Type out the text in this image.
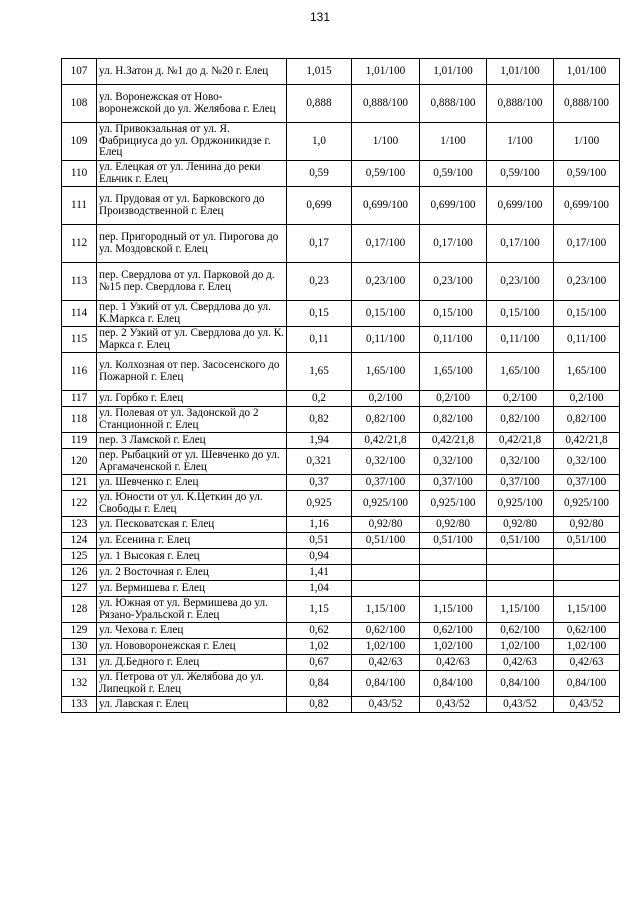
131
107	ул. Н.Затон д. №1 до д. №20 г. Елец	1,015	1,01/100	1,01/100	1,01/100	1,01/100
108	ул. Воронежская от Ново-воронежской до ул. Желябова г. Елец	0,888	0,888/100	0,888/100	0,888/100	0,888/100
109	ул. Привокзальная от ул. Я. Фабрициуса до ул. Орджоникидзе г. Елец	1,0	1/100	1/100	1/100	1/100
110	ул. Елецкая от ул. Ленина до реки Ельчик г. Елец	0,59	0,59/100	0,59/100	0,59/100	0,59/100
111	ул. Прудовая от ул. Барковского до Производственной г. Елец	0,699	0,699/100	0,699/100	0,699/100	0,699/100
112	пер. Пригородный от ул. Пирогова до ул. Моздовской г. Елец	0,17	0,17/100	0,17/100	0,17/100	0,17/100
113	пер. Свердлова от ул. Парковой до д. №15 пер. Свердлова г. Елец	0,23	0,23/100	0,23/100	0,23/100	0,23/100
114	пер. 1 Узкий от ул. Свердлова до ул. К.Маркса г. Елец	0,15	0,15/100	0,15/100	0,15/100	0,15/100
115	пер. 2 Узкий от ул. Свердлова до ул. К. Маркса г. Елец	0,11	0,11/100	0,11/100	0,11/100	0,11/100
116	ул. Колхозная от пер. Засосенского до Пожарной г. Елец	1,65	1,65/100	1,65/100	1,65/100	1,65/100
117	ул. Горбко г. Елец	0,2	0,2/100	0,2/100	0,2/100	0,2/100
118	ул. Полевая от ул. Задонской до 2 Станционной г. Елец	0,82	0,82/100	0,82/100	0,82/100	0,82/100
119	пер. 3 Ламской г. Елец	1,94	0,42/21,8	0,42/21,8	0,42/21,8	0,42/21,8
120	пер. Рыбацкий от ул. Шевченко до ул. Аргамаченской г. Елец	0,321	0,32/100	0,32/100	0,32/100	0,32/100
121	ул. Шевченко г. Елец	0,37	0,37/100	0,37/100	0,37/100	0,37/100
122	ул. Юности от ул. К.Цеткин до ул. Свободы г. Елец	0,925	0,925/100	0,925/100	0,925/100	0,925/100
123	ул. Песковатская г. Елец	1,16	0,92/80	0,92/80	0,92/80	0,92/80
124	ул. Есенина г. Елец	0,51	0,51/100	0,51/100	0,51/100	0,51/100
125	ул. 1 Высокая г. Елец	0,94				
126	ул. 2 Восточная г. Елец	1,41				
127	ул. Вермишева г. Елец	1,04				
128	ул. Южная от ул. Вермишева до ул. Рязано-Уральской г. Елец	1,15	1,15/100	1,15/100	1,15/100	1,15/100
129	ул. Чехова г. Елец	0,62	0,62/100	0,62/100	0,62/100	0,62/100
130	ул. Нововоронежская г. Елец	1,02	1,02/100	1,02/100	1,02/100	1,02/100
131	ул. Д.Бедного г. Елец	0,67	0,42/63	0,42/63	0,42/63	0,42/63
132	ул. Петрова от ул. Желябова до ул. Липецкой г. Елец	0,84	0,84/100	0,84/100	0,84/100	0,84/100
133	ул. Лавская г. Елец	0,82	0,43/52	0,43/52	0,43/52	0,43/52
